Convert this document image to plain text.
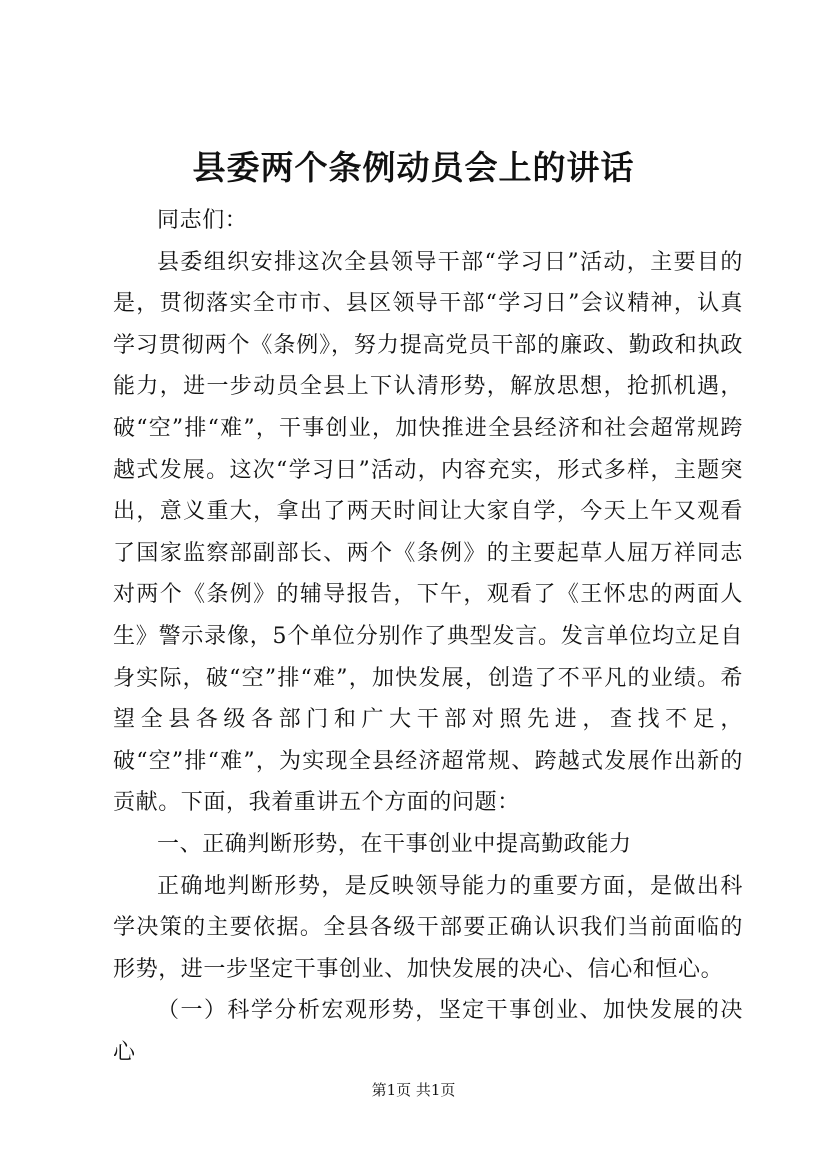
县委两个条例动员会上的讲话

同志们：

县委组织安排这次全县领导干部“学习日”活动，主要目的是，贯彻落实全市市、县区领导干部“学习日”会议精神，认真学习贯彻两个《条例》，努力提高党员干部的廉政、勤政和执政能力，进一步动员全县上下认清形势，解放思想，抢抓机遇，破“空”排“难”，干事创业，加快推进全县经济和社会超常规跨越式发展。这次“学习日”活动，内容充实，形式多样，主题突出，意义重大，拿出了两天时间让大家自学，今天上午又观看了国家监察部副部长、两个《条例》的主要起草人屈万祥同志对两个《条例》的辅导报告，下午，观看了《王怀忠的两面人生》警示录像，5个单位分别作了典型发言。发言单位均立足自身实际，破“空”排“难”，加快发展，创造了不平凡的业绩。希望全县各级各部门和广大干部对照先进，查找不足，破“空”排“难”，为实现全县经济超常规、跨越式发展作出新的贡献。下面，我着重讲五个方面的问题：

一、正确判断形势，在干事创业中提高勤政能力

正确地判断形势，是反映领导能力的重要方面，是做出科学决策的主要依据。全县各级干部要正确认识我们当前面临的形势，进一步坚定干事创业、加快发展的决心、信心和恒心。

（一）科学分析宏观形势，坚定干事创业、加快发展的决心

第1页 共1页
